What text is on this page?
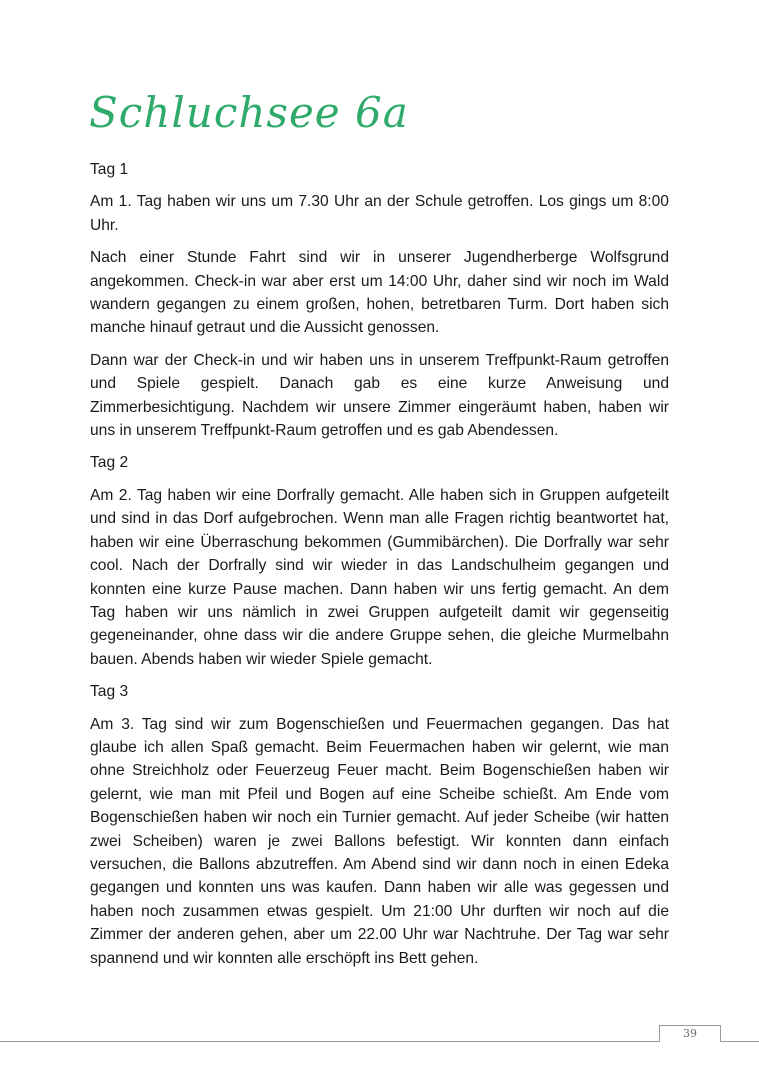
Schluchsee 6a

Tag 1

Am 1. Tag haben wir uns um 7.30 Uhr an der Schule getroffen. Los gings um 8:00 Uhr.

Nach einer Stunde Fahrt sind wir in unserer Jugendherberge Wolfsgrund angekommen. Check-in war aber erst um 14:00 Uhr, daher sind wir noch im Wald wandern gegangen zu einem großen, hohen, betretbaren Turm. Dort haben sich manche hinauf getraut und die Aussicht genossen.

Dann war der Check-in und wir haben uns in unserem Treffpunkt-Raum getroffen und Spiele gespielt. Danach gab es eine kurze Anweisung und Zimmerbesichtigung. Nachdem wir unsere Zimmer eingeräumt haben, haben wir uns in unserem Treffpunkt-Raum getroffen und es gab Abendessen.

Tag 2

Am 2. Tag haben wir eine Dorfrally gemacht. Alle haben sich in Gruppen aufgeteilt und sind in das Dorf aufgebrochen. Wenn man alle Fragen richtig beantwortet hat, haben wir eine Überraschung bekommen (Gummibärchen). Die Dorfrally war sehr cool. Nach der Dorfrally sind wir wieder in das Landschulheim gegangen und konnten eine kurze Pause machen. Dann haben wir uns fertig gemacht. An dem Tag haben wir uns nämlich in zwei Gruppen aufgeteilt damit wir gegenseitig gegeneinander, ohne dass wir die andere Gruppe sehen, die gleiche Murmelbahn bauen. Abends haben wir wieder Spiele gemacht.

Tag 3

Am 3. Tag sind wir zum Bogenschießen und Feuermachen gegangen. Das hat glaube ich allen Spaß gemacht. Beim Feuermachen haben wir gelernt, wie man ohne Streichholz oder Feuerzeug Feuer macht. Beim Bogenschießen haben wir gelernt, wie man mit Pfeil und Bogen auf eine Scheibe schießt. Am Ende vom Bogenschießen haben wir noch ein Turnier gemacht. Auf jeder Scheibe (wir hatten zwei Scheiben) waren je zwei Ballons befestigt. Wir konnten dann einfach versuchen, die Ballons abzutreffen. Am Abend sind wir dann noch in einen Edeka gegangen und konnten uns was kaufen. Dann haben wir alle was gegessen und haben noch zusammen etwas gespielt. Um 21:00 Uhr durften wir noch auf die Zimmer der anderen gehen, aber um 22.00 Uhr war Nachtruhe. Der Tag war sehr spannend und wir konnten alle erschöpft ins Bett gehen.

39
